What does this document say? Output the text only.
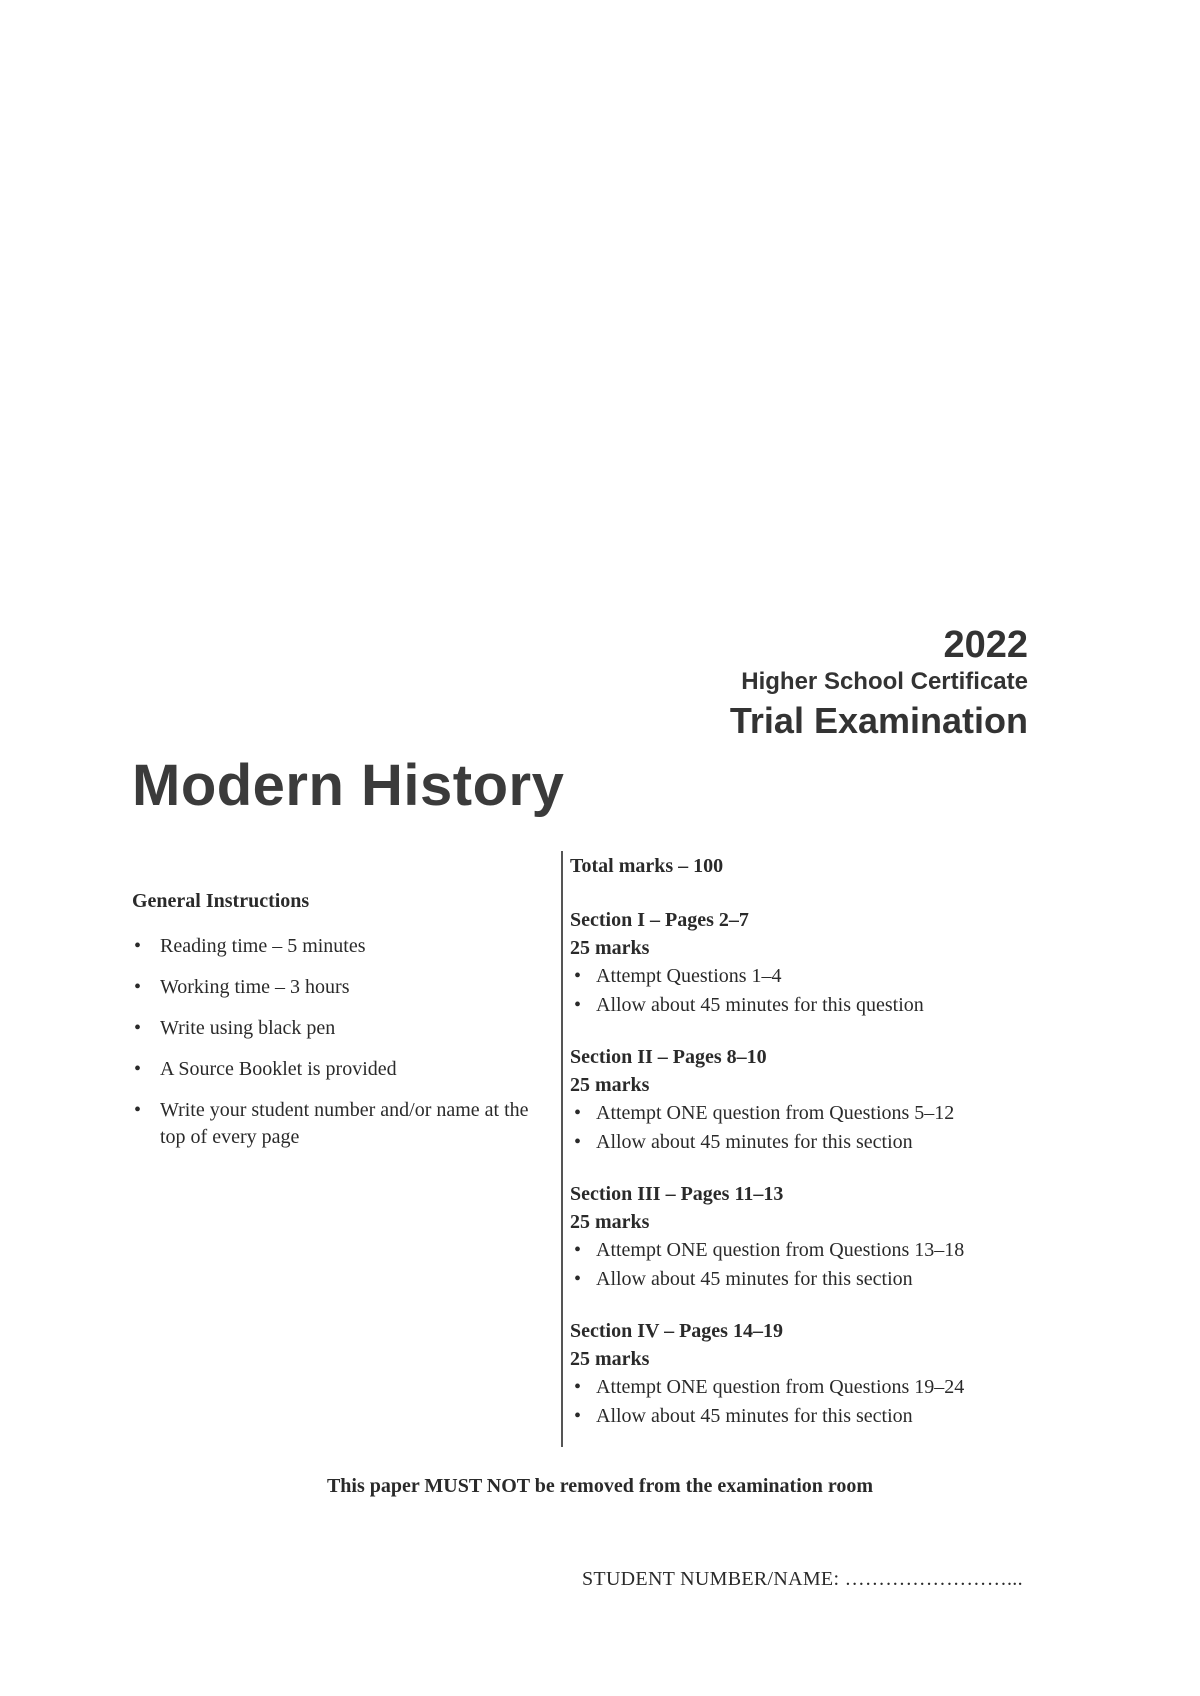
2022
Higher School Certificate
Trial Examination
Modern History
General Instructions
• Reading time – 5 minutes
• Working time – 3 hours
• Write using black pen
• A Source Booklet is provided
• Write your student number and/or name at the top of every page
Total marks – 100
Section I – Pages 2–7
25 marks
• Attempt Questions 1–4
• Allow about 45 minutes for this question
Section II – Pages 8–10
25 marks
• Attempt ONE question from Questions 5–12
• Allow about 45 minutes for this section
Section III – Pages 11–13
25 marks
• Attempt ONE question from Questions 13–18
• Allow about 45 minutes for this section
Section IV – Pages 14–19
25 marks
• Attempt ONE question from Questions 19–24
• Allow about 45 minutes for this section
This paper MUST NOT be removed from the examination room
STUDENT NUMBER/NAME: ……………………...
